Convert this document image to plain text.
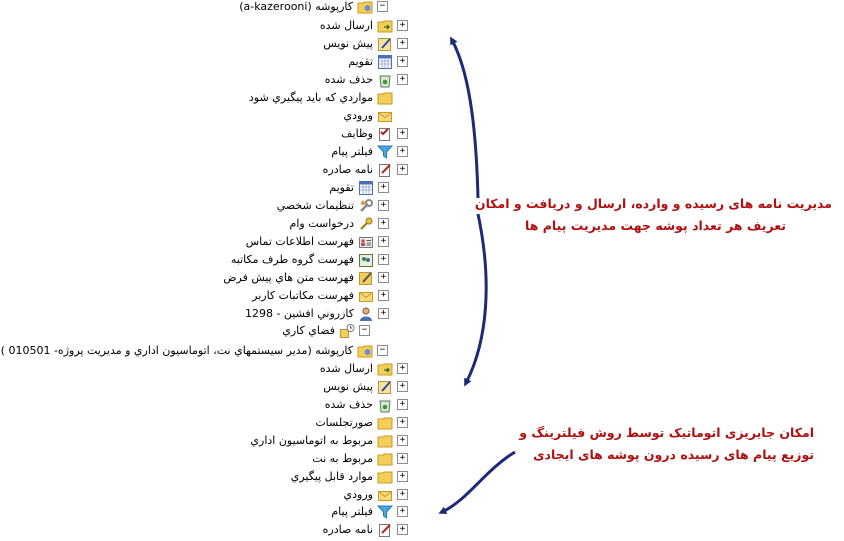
کارپوشه (a-kazerooni)	−
ارسال شده	+
پيش نويس	+
تقويم	+
حذف شده	+
مواردي که بايد پيگيري شود
ورودي
وظايف	+
فيلتر پيام	+
نامه صادره	+
تقويم	+
تنظيمات شخصي	+
درخواست وام	+
فهرست اطلاعات تماس	+
فهرست گروه طرف مکاتبه	+
فهرست متن هاي پيش فرض	+
فهرست مکاتبات کاربر	+
کازروني افشين - 1298	+
فضاي کاري	−
کارپوشه (مدير سيستمهاي نت، اتوماسيون اداري و مديريت پروژه- 010501 )	−
ارسال شده	+
پيش نويس	+
حذف شده	+
صورتجلسات	+
مربوط به اتوماسيون اداري	+
مربوط به نت	+
موارد قابل پيگيري	+
ورودي	+
فيلتر پيام	+
نامه صادره	+
مدیریت نامه های رسیده و وارده، ارسال و دریافت و امکان
تعریف هر تعداد پوشه جهت مدیریت پیام ها
امکان جایریزی اتوماتیک توسط روش فیلترینگ و
توزیع پیام های رسیده درون پوشه های ایجادی
